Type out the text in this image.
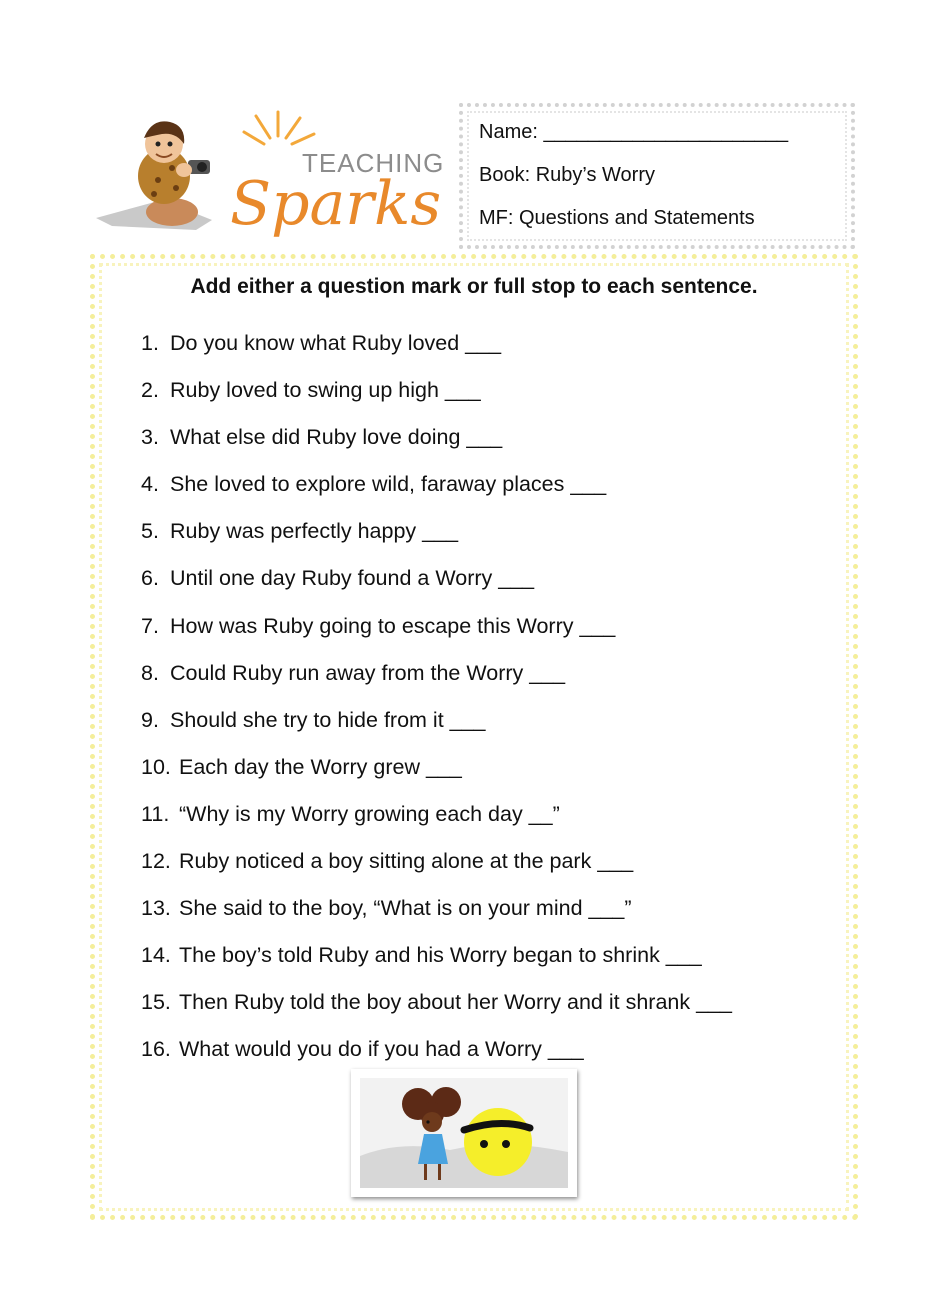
TEACHING
Sparks
Name: ______________________
Book: Ruby’s Worry
MF: Questions and Statements
Add either a question mark or full stop to each sentence.
1. Do you know what Ruby loved ___
2. Ruby loved to swing up high ___
3. What else did Ruby love doing ___
4. She loved to explore wild, faraway places ___
5. Ruby was perfectly happy ___
6. Until one day Ruby found a Worry ___
7. How was Ruby going to escape this Worry ___
8. Could Ruby run away from the Worry ___
9. Should she try to hide from it ___
10. Each day the Worry grew ___
11. “Why is my Worry growing each day __”
12. Ruby noticed a boy sitting alone at the park ___
13. She said to the boy, “What is on your mind ___”
14. The boy’s told Ruby and his Worry began to shrink ___
15. Then Ruby told the boy about her Worry and it shrank ___
16. What would you do if you had a Worry ___
